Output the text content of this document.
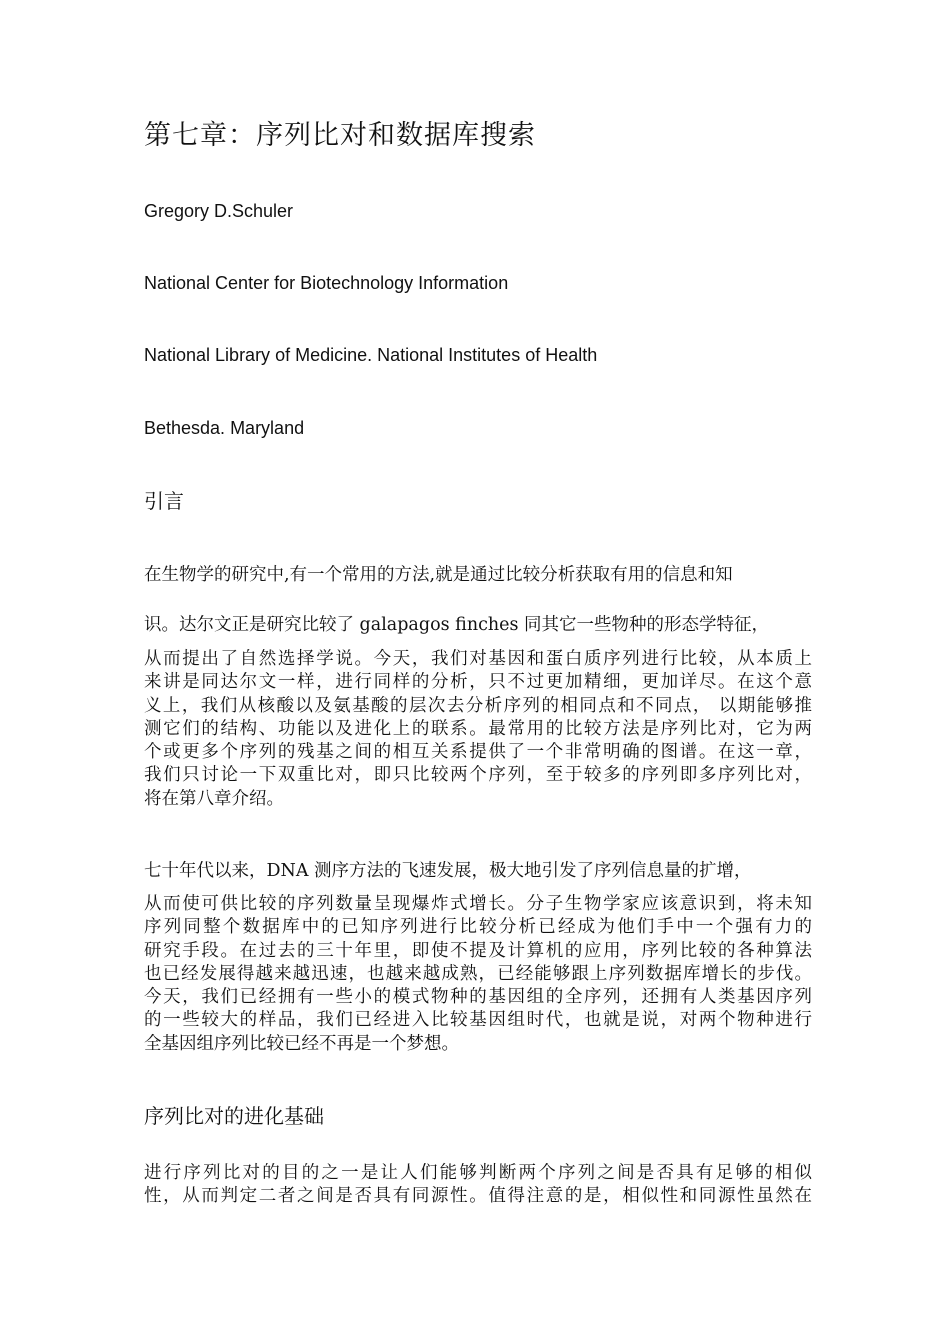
第七章：序列比对和数据库搜索
Gregory D.Schuler
National Center for Biotechnology Information
National Library of Medicine. National Institutes of Health
Bethesda. Maryland
引言
在生物学的研究中,有一个常用的方法,就是通过比较分析获取有用的信息和知
识。达尔文正是研究比较了 galapagos finches 同其它一些物种的形态学特征，
从而提出了自然选择学说。今天，我们对基因和蛋白质序列进行比较，从本质上
来讲是同达尔文一样，进行同样的分析，只不过更加精细，更加详尽。在这个意
义上，我们从核酸以及氨基酸的层次去分析序列的相同点和不同点， 以期能够推
测它们的结构、功能以及进化上的联系。最常用的比较方法是序列比对，它为两
个或更多个序列的残基之间的相互关系提供了一个非常明确的图谱。在这一章，
我们只讨论一下双重比对，即只比较两个序列，至于较多的序列即多序列比对，
将在第八章介绍。
七十年代以来，DNA 测序方法的飞速发展，极大地引发了序列信息量的扩增，
从而使可供比较的序列数量呈现爆炸式增长。分子生物学家应该意识到，将未知
序列同整个数据库中的已知序列进行比较分析已经成为他们手中一个强有力的
研究手段。在过去的三十年里，即使不提及计算机的应用，序列比较的各种算法
也已经发展得越来越迅速，也越来越成熟，已经能够跟上序列数据库增长的步伐。
今天，我们已经拥有一些小的模式物种的基因组的全序列，还拥有人类基因序列
的一些较大的样品，我们已经进入比较基因组时代，也就是说，对两个物种进行
全基因组序列比较已经不再是一个梦想。
序列比对的进化基础
进行序列比对的目的之一是让人们能够判断两个序列之间是否具有足够的相似
性，从而判定二者之间是否具有同源性。值得注意的是，相似性和同源性虽然在
